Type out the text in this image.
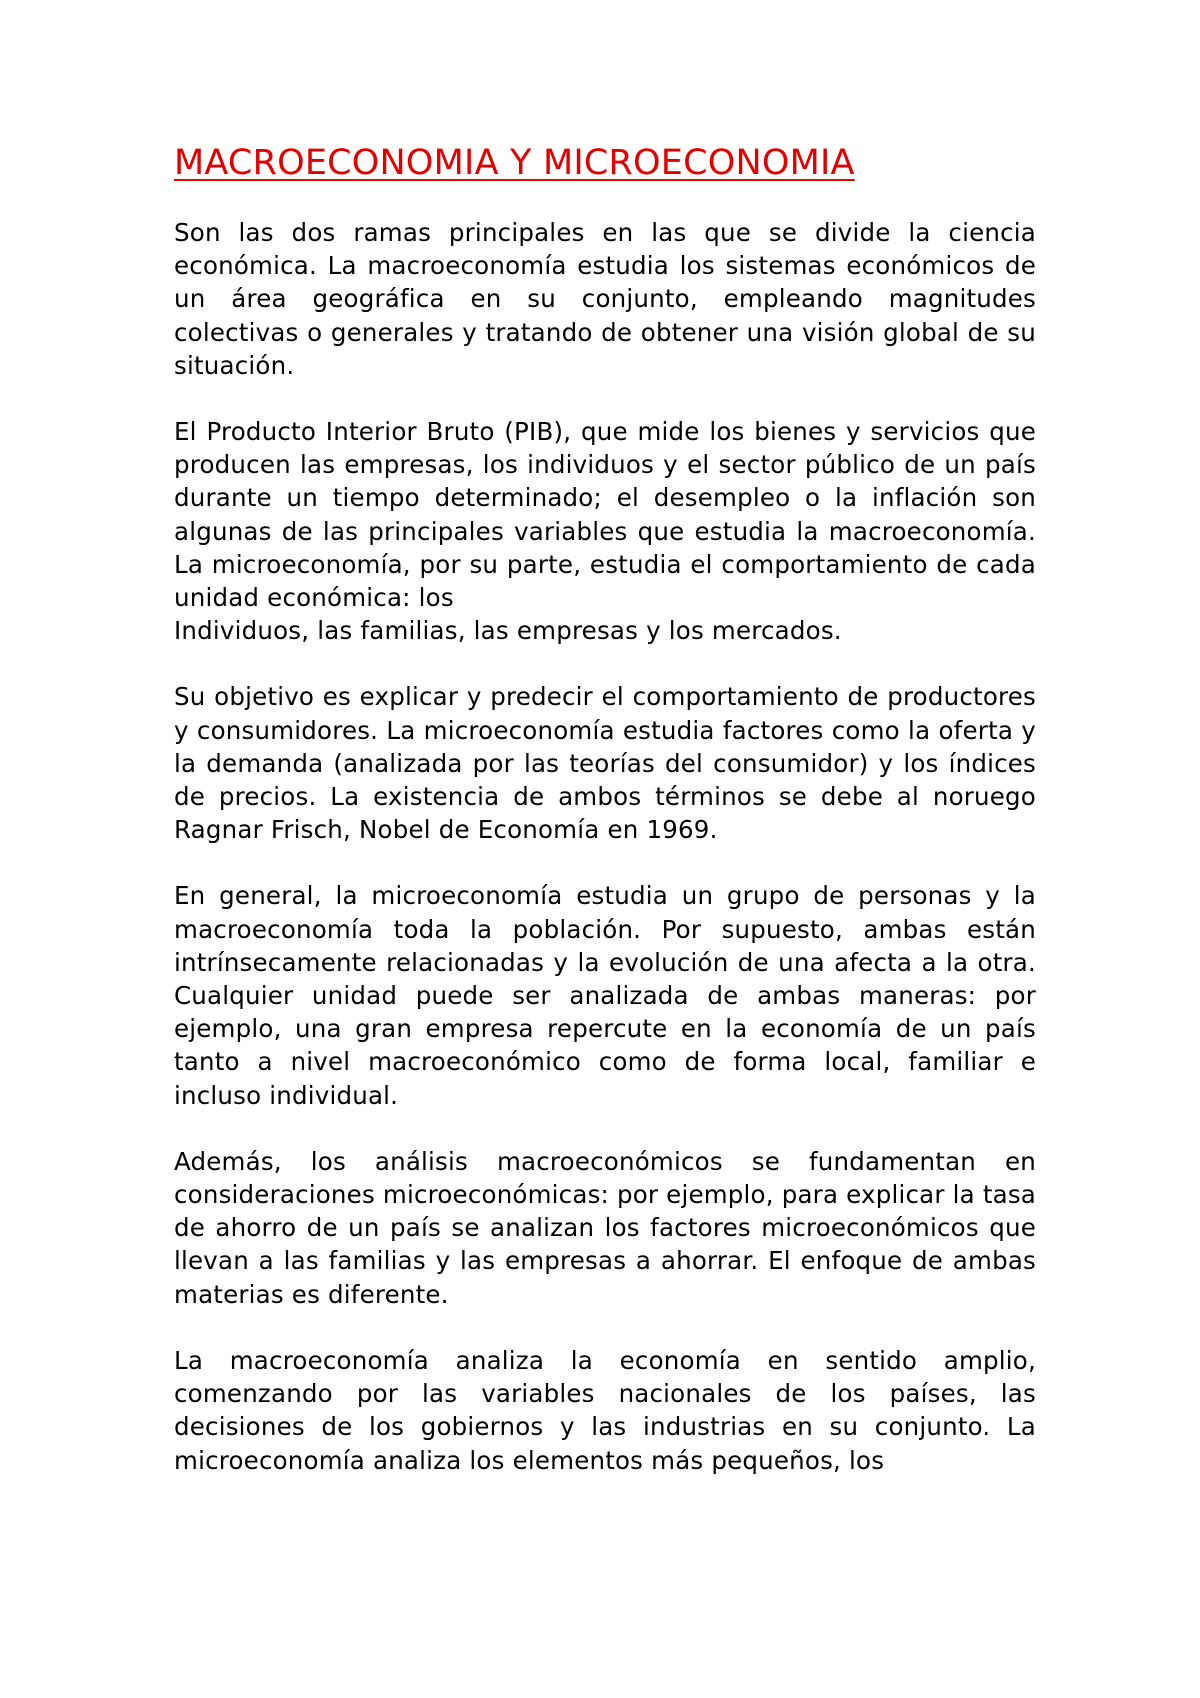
MACROECONOMIA Y MICROECONOMIA

Son las dos ramas principales en las que se divide la ciencia económica. La macroeconomía estudia los sistemas económicos de un área geográfica en su conjunto, empleando magnitudes colectivas o generales y tratando de obtener una visión global de su situación.

El Producto Interior Bruto (PIB), que mide los bienes y servicios que producen las empresas, los individuos y el sector público de un país durante un tiempo determinado; el desempleo o la inflación son algunas de las principales variables que estudia la macroeconomía. La microeconomía, por su parte, estudia el comportamiento de cada unidad económica: los
Individuos, las familias, las empresas y los mercados.

Su objetivo es explicar y predecir el comportamiento de productores y consumidores. La microeconomía estudia factores como la oferta y la demanda (analizada por las teorías del consumidor) y los índices de precios. La existencia de ambos términos se debe al noruego Ragnar Frisch, Nobel de Economía en 1969.

En general, la microeconomía estudia un grupo de personas y la macroeconomía toda la población. Por supuesto, ambas están intrínsecamente relacionadas y la evolución de una afecta a la otra. Cualquier unidad puede ser analizada de ambas maneras: por ejemplo, una gran empresa repercute en la economía de un país tanto a nivel macroeconómico como de forma local, familiar e incluso individual.

Además, los análisis macroeconómicos se fundamentan en consideraciones microeconómicas: por ejemplo, para explicar la tasa de ahorro de un país se analizan los factores microeconómicos que llevan a las familias y las empresas a ahorrar. El enfoque de ambas materias es diferente.

La macroeconomía analiza la economía en sentido amplio, comenzando por las variables nacionales de los países, las decisiones de los gobiernos y las industrias en su conjunto. La microeconomía analiza los elementos más pequeños, los
